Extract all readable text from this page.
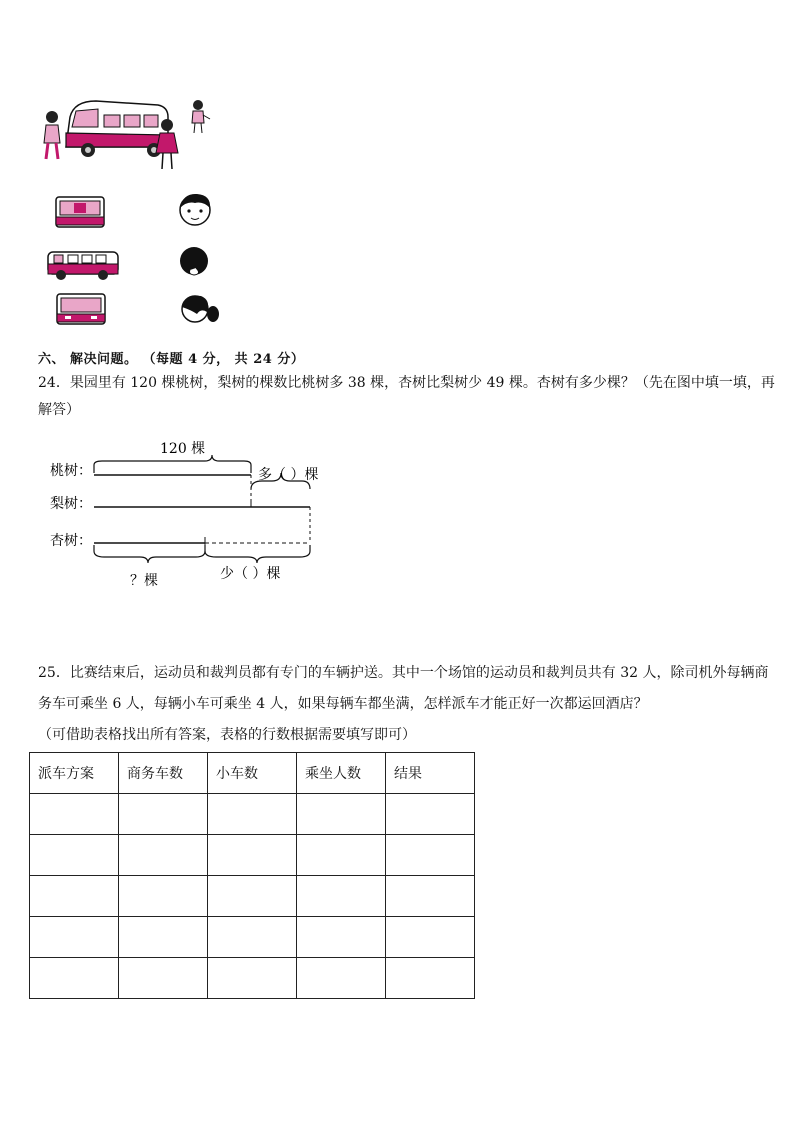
六、 解决问题。 （每题 4 分， 共 24 分）
24．果园里有 120 棵桃树，梨树的棵数比桃树多 38 棵，杏树比梨树少 49 棵。杏树有多少棵？（先在图中填一填，再
解答）
桃树：
梨树：
杏树：
120 棵
多（ ）棵
？棵	少（ ）棵
25．比赛结束后，运动员和裁判员都有专门的车辆护送。其中一个场馆的运动员和裁判员共有 32 人，除司机外每辆商
务车可乘坐 6 人，每辆小车可乘坐 4 人，如果每辆车都坐满，怎样派车才能正好一次都运回酒店？
（可借助表格找出所有答案，表格的行数根据需要填写即可）
派车方案	商务车数	小车数	乘坐人数	结果
